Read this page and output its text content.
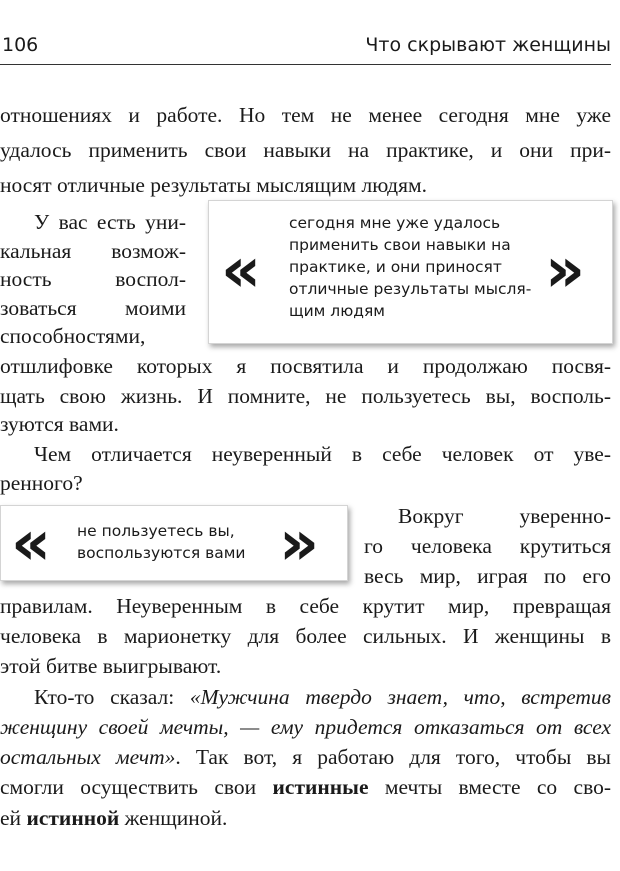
106	Что скрывают женщины
отношениях и работе. Но тем не менее сегодня мне уже
удалось применить свои навыки на практике, и они при-
носят отличные результаты мыслящим людям.
У вас есть уни-
кальная возмож-
ность воспол-
зоваться моими
способностями,
отшлифовке которых я посвятила и продолжаю посвя-
щать свою жизнь. И помните, не пользуетесь вы, восполь-
зуются вами.
«
сегодня мне уже удалось
применить свои навыки на
практике, и они приносят
отличные результаты мысля-
щим людям
»
Чем отличается неуверенный в себе человек от уве-
ренного?
« не пользуетесь вы,
воспользуются вами »	Вокруг уверенно-
го человека крутиться
весь мир, играя по его
правилам. Неуверенным в себе крутит мир, превращая
человека в марионетку для более сильных. И женщины в
этой битве выигрывают.
Кто-то сказал: «Мужчина твердо знает, что, встретив
женщину своей мечты, — ему придется отказаться от всех
остальных мечт». Так вот, я работаю для того, чтобы вы
смогли осуществить свои истинные мечты вместе со сво-
ей истинной женщиной.
